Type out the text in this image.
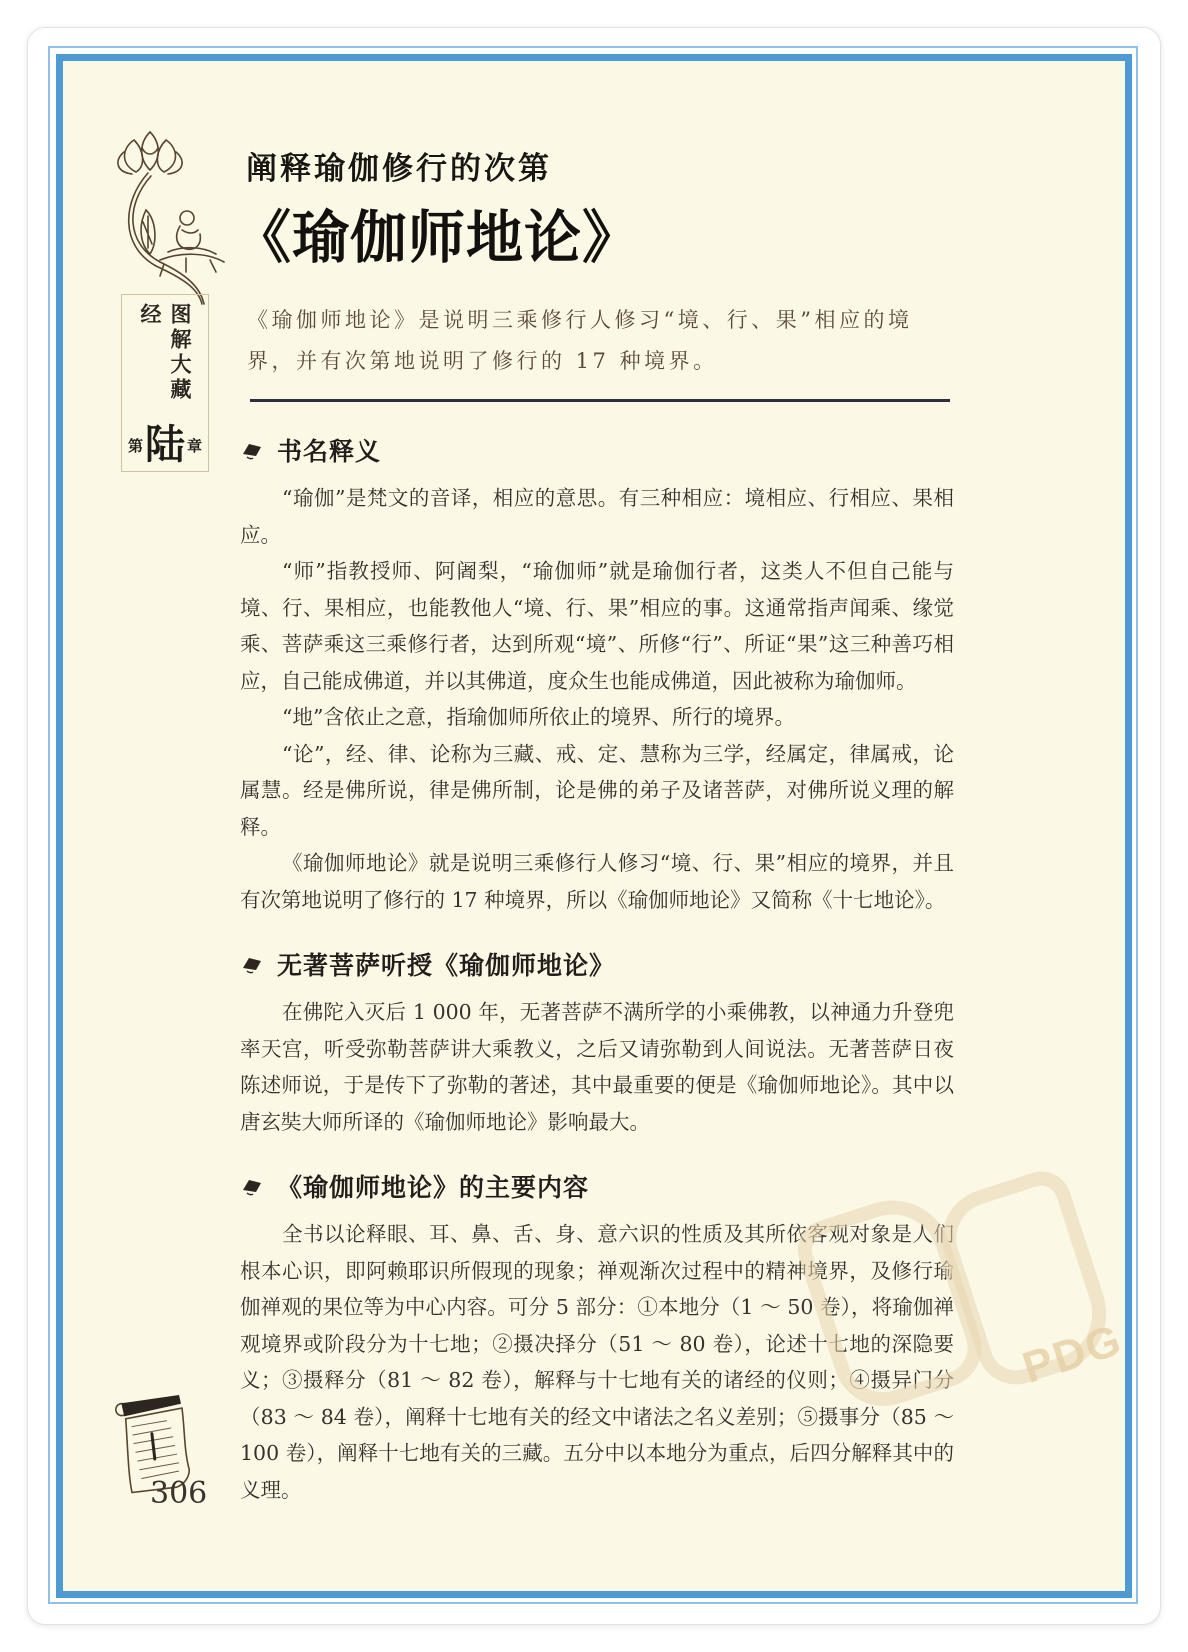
图解大藏经
第 陆 章
阐释瑜伽修行的次第
《瑜伽师地论》
《瑜伽师地论》是说明三乘修行人修习“境、行、果”相应的境界，并有次第地说明了修行的 17 种境界。
书名释义

“瑜伽”是梵文的音译，相应的意思。有三种相应：境相应、行相应、果相应。

“师”指教授师、阿阇梨，“瑜伽师”就是瑜伽行者，这类人不但自己能与境、行、果相应，也能教他人“境、行、果”相应的事。这通常指声闻乘、缘觉乘、菩萨乘这三乘修行者，达到所观“境”、所修“行”、所证“果”这三种善巧相应，自己能成佛道，并以其佛道，度众生也能成佛道，因此被称为瑜伽师。

“地”含依止之意，指瑜伽师所依止的境界、所行的境界。

“论”，经、律、论称为三藏、戒、定、慧称为三学，经属定，律属戒，论属慧。经是佛所说，律是佛所制，论是佛的弟子及诸菩萨，对佛所说义理的解释。

《瑜伽师地论》就是说明三乘修行人修习“境、行、果”相应的境界，并且有次第地说明了修行的 17 种境界，所以《瑜伽师地论》又简称《十七地论》。

无著菩萨听授《瑜伽师地论》

在佛陀入灭后 1 000 年，无著菩萨不满所学的小乘佛教，以神通力升登兜率天宫，听受弥勒菩萨讲大乘教义，之后又请弥勒到人间说法。无著菩萨日夜陈述师说，于是传下了弥勒的著述，其中最重要的便是《瑜伽师地论》。其中以唐玄奘大师所译的《瑜伽师地论》影响最大。

《瑜伽师地论》的主要内容

全书以论释眼、耳、鼻、舌、身、意六识的性质及其所依客观对象是人们根本心识，即阿赖耶识所假现的现象；禅观渐次过程中的精神境界，及修行瑜伽禅观的果位等为中心内容。可分 5 部分：①本地分（1 ～ 50 卷），将瑜伽禅观境界或阶段分为十七地；②摄决择分（51 ～ 80 卷），论述十七地的深隐要义；③摄释分（81 ～ 82 卷），解释与十七地有关的诸经的仪则；④摄异门分（83 ～ 84 卷），阐释十七地有关的经文中诸法之名义差别；⑤摄事分（85 ～ 100 卷），阐释十七地有关的三藏。五分中以本地分为重点，后四分解释其中的义理。

306
PDG
